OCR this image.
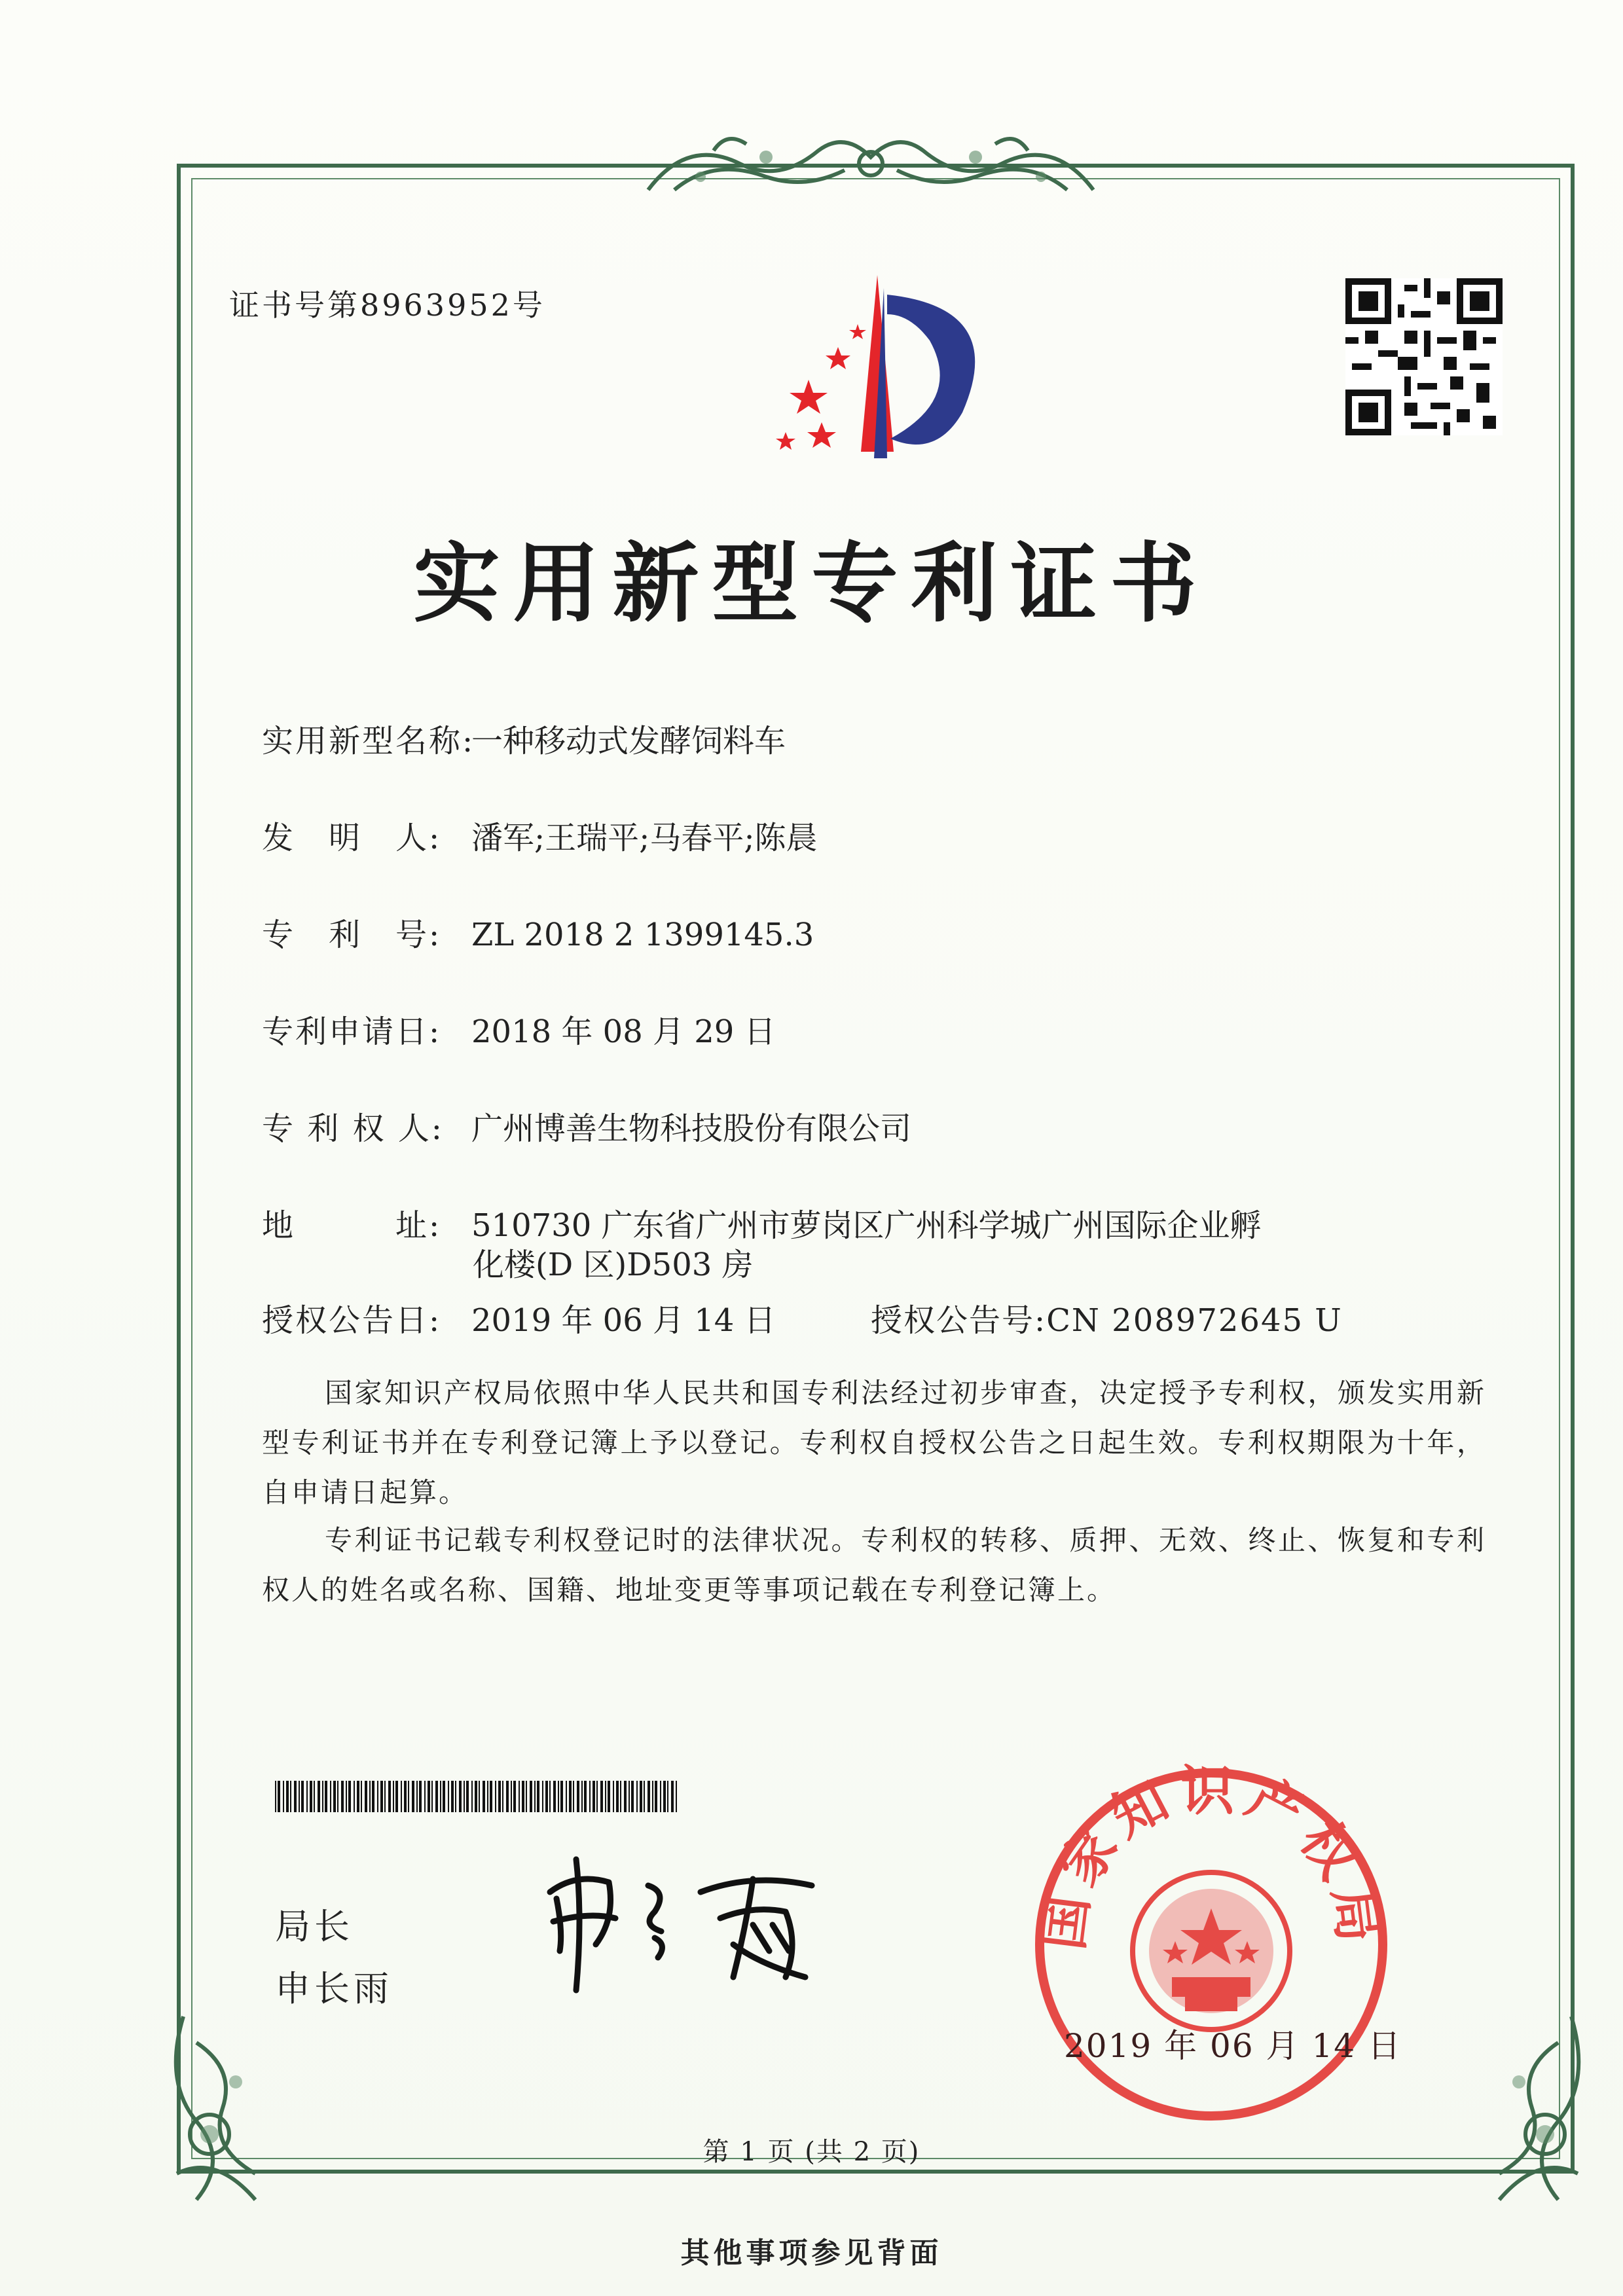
证书号第8963952号
实用新型专利证书
实用新型名称:一种移动式发酵饲料车
发　明　人: 潘军;王瑞平;马春平;陈晨
专　利　号: ZL 2018 2 1399145.3
专利申请日: 2018 年 08 月 29 日
专 利 权 人: 广州博善生物科技股份有限公司
地　　　址: 510730 广东省广州市萝岗区广州科学城广州国际企业孵
化楼(D 区)D503 房
授权公告日: 2019 年 06 月 14 日	授权公告号:CN 208972645 U
国家知识产权局依照中华人民共和国专利法经过初步审查，决定授予专利权，颁发实用新型专利证书并在专利登记簿上予以登记。专利权自授权公告之日起生效。专利权期限为十年，自申请日起算。
专利证书记载专利权登记时的法律状况。专利权的转移、质押、无效、终止、恢复和专利权人的姓名或名称、国籍、地址变更等事项记载在专利登记簿上。
局长
申长雨
国家知识产权局
2019 年 06 月 14 日
第 1 页 (共 2 页)
其他事项参见背面
